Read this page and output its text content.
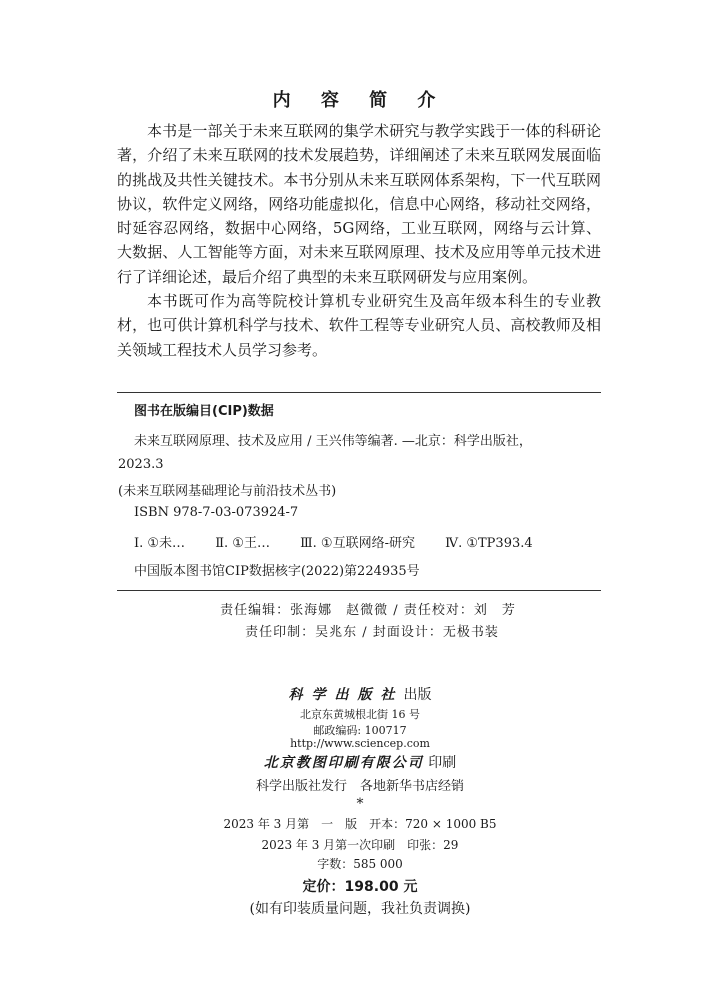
内 容 简 介

本书是一部关于未来互联网的集学术研究与教学实践于一体的科研论著，介绍了未来互联网的技术发展趋势，详细阐述了未来互联网发展面临的挑战及共性关键技术。本书分别从未来互联网体系架构，下一代互联网协议，软件定义网络，网络功能虚拟化，信息中心网络，移动社交网络，时延容忍网络，数据中心网络，5G网络，工业互联网，网络与云计算、大数据、人工智能等方面，对未来互联网原理、技术及应用等单元技术进行了详细论述，最后介绍了典型的未来互联网研发与应用案例。

本书既可作为高等院校计算机专业研究生及高年级本科生的专业教材，也可供计算机科学与技术、软件工程等专业研究人员、高校教师及相关领域工程技术人员学习参考。

图书在版编目(CIP)数据
未来互联网原理、技术及应用 / 王兴伟等编著. —北京：科学出版社，
2023.3
(未来互联网基础理论与前沿技术丛书)
ISBN 978-7-03-073924-7
Ⅰ. ①未… Ⅱ. ①王… Ⅲ. ①互联网络-研究 Ⅳ. ①TP393.4
中国版本图书馆CIP数据核字(2022)第224935号
责任编辑：张海娜　赵微微 / 责任校对：刘　芳
责任印制：吴兆东 / 封面设计：无极书装
科学出版社出版
北京东黄城根北街 16 号
邮政编码: 100717
http://www.sciencep.com
北京教图印刷有限公司 印刷
科学出版社发行　各地新华书店经销
*
2023 年 3 月第　一　版　开本：720 × 1000 B5
2023 年 3 月第一次印刷　印张：29
字数：585 000
定价：198.00 元
(如有印装质量问题，我社负责调换)
